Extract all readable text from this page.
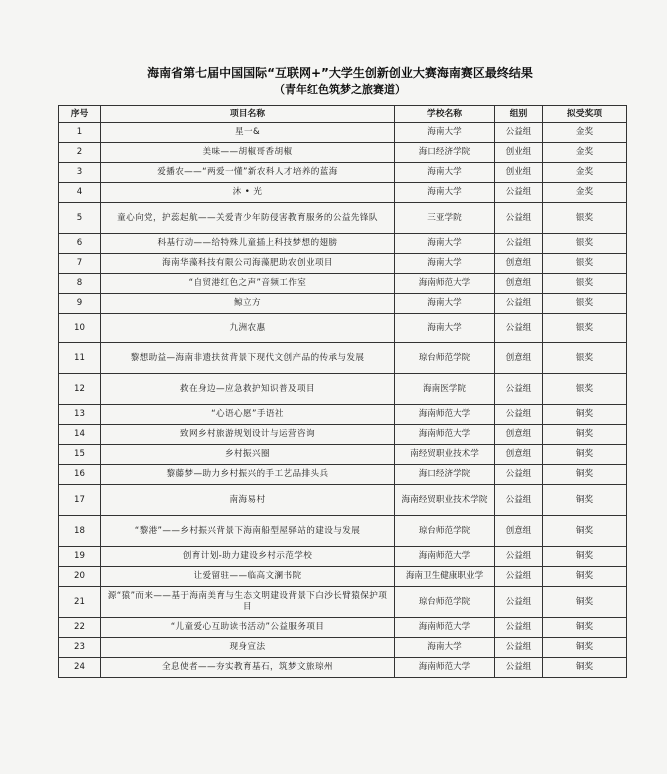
海南省第七届中国国际“互联网+”大学生创新创业大赛海南赛区最终结果
（青年红色筑梦之旅赛道）
序号	项目名称	学校名称	组别	拟受奖项
1	星一&	海南大学	公益组	金奖
2	美味——胡椒哥香胡椒	海口经济学院	创业组	金奖
3	爱播农——“两爱一懂”新农科人才培养的蓝海	海南大学	创业组	金奖
4	沐 • 光	海南大学	公益组	金奖
5	童心向党，护蕊起航——关爱青少年防侵害教育服务的公益先锋队	三亚学院	公益组	银奖
6	科基行动——给特殊儿童插上科技梦想的翅膀	海南大学	公益组	银奖
7	海南华藻科技有限公司海藻肥助农创业项目	海南大学	创意组	银奖
8	“自贸港红色之声”音频工作室	海南师范大学	创意组	银奖
9	鲸立方	海南大学	公益组	银奖
10	九洲农惠	海南大学	公益组	银奖
11	黎想助益—海南非遗扶贫背景下现代文创产品的传承与发展	琼台师范学院	创意组	银奖
12	救在身边—应急救护知识普及项目	海南医学院	公益组	银奖
13	“心语心愿”手语社	海南师范大学	公益组	铜奖
14	致网乡村旅游规划设计与运营咨询	海南师范大学	创意组	铜奖
15	乡村振兴圈	南经贸职业技术学	创意组	铜奖
16	黎藤梦—助力乡村振兴的手工艺品排头兵	海口经济学院	公益组	铜奖
17	南海易村	海南经贸职业技术学院	公益组	铜奖
18	“黎港”——乡村振兴背景下海南船型屋驿站的建设与发展	琼台师范学院	创意组	铜奖
19	创育计划-助力建设乡村示范学校	海南师范大学	公益组	铜奖
20	让爱留驻——临高文澜书院	海南卫生健康职业学	公益组	铜奖
21	源“猿”而来——基于海南美育与生态文明建设背景下白沙长臂猿保护项目	琼台师范学院	公益组	铜奖
22	“儿童爱心互助读书活动”公益服务项目	海南师范大学	公益组	铜奖
23	现身宣法	海南大学	公益组	铜奖
24	全息使者——夯实教育基石，筑梦文旅琼州	海南师范大学	公益组	铜奖
